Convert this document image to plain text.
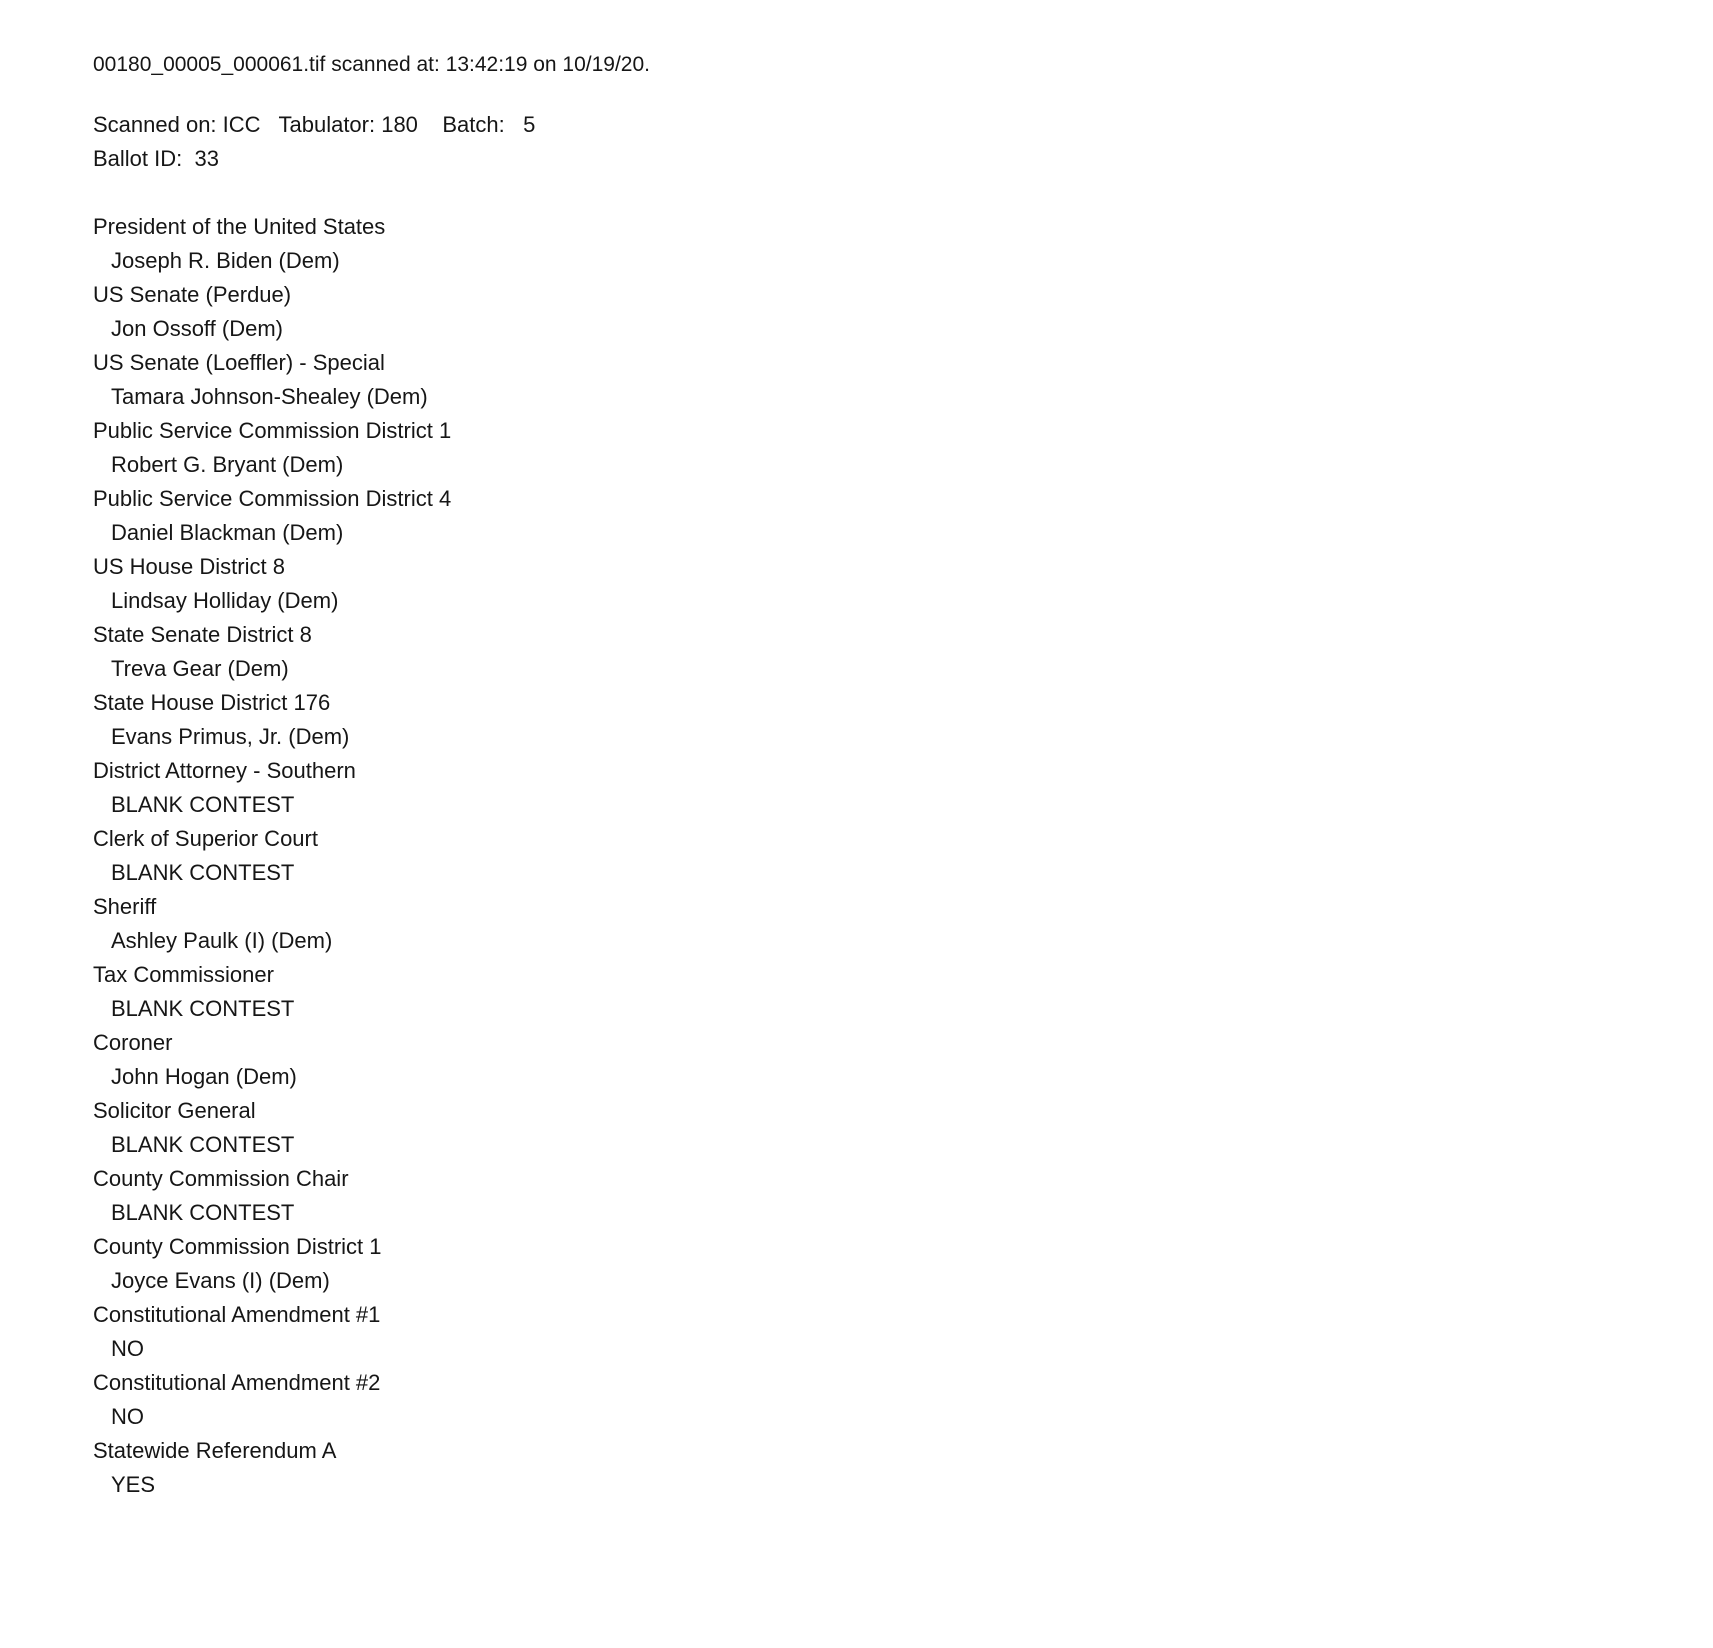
00180_00005_000061.tif scanned at: 13:42:19 on 10/19/20.
Scanned on: ICC   Tabulator: 180    Batch:   5
Ballot ID:  33
President of the United States
Joseph R. Biden (Dem)
US Senate (Perdue)
Jon Ossoff (Dem)
US Senate (Loeffler) - Special
Tamara Johnson-Shealey (Dem)
Public Service Commission District 1
Robert G. Bryant (Dem)
Public Service Commission District 4
Daniel Blackman (Dem)
US House District 8
Lindsay Holliday (Dem)
State Senate District 8
Treva Gear (Dem)
State House District 176
Evans Primus, Jr. (Dem)
District Attorney - Southern
BLANK CONTEST
Clerk of Superior Court
BLANK CONTEST
Sheriff
Ashley Paulk (I) (Dem)
Tax Commissioner
BLANK CONTEST
Coroner
John Hogan (Dem)
Solicitor General
BLANK CONTEST
County Commission Chair
BLANK CONTEST
County Commission District 1
Joyce Evans (I) (Dem)
Constitutional Amendment #1
NO
Constitutional Amendment #2
NO
Statewide Referendum A
YES
